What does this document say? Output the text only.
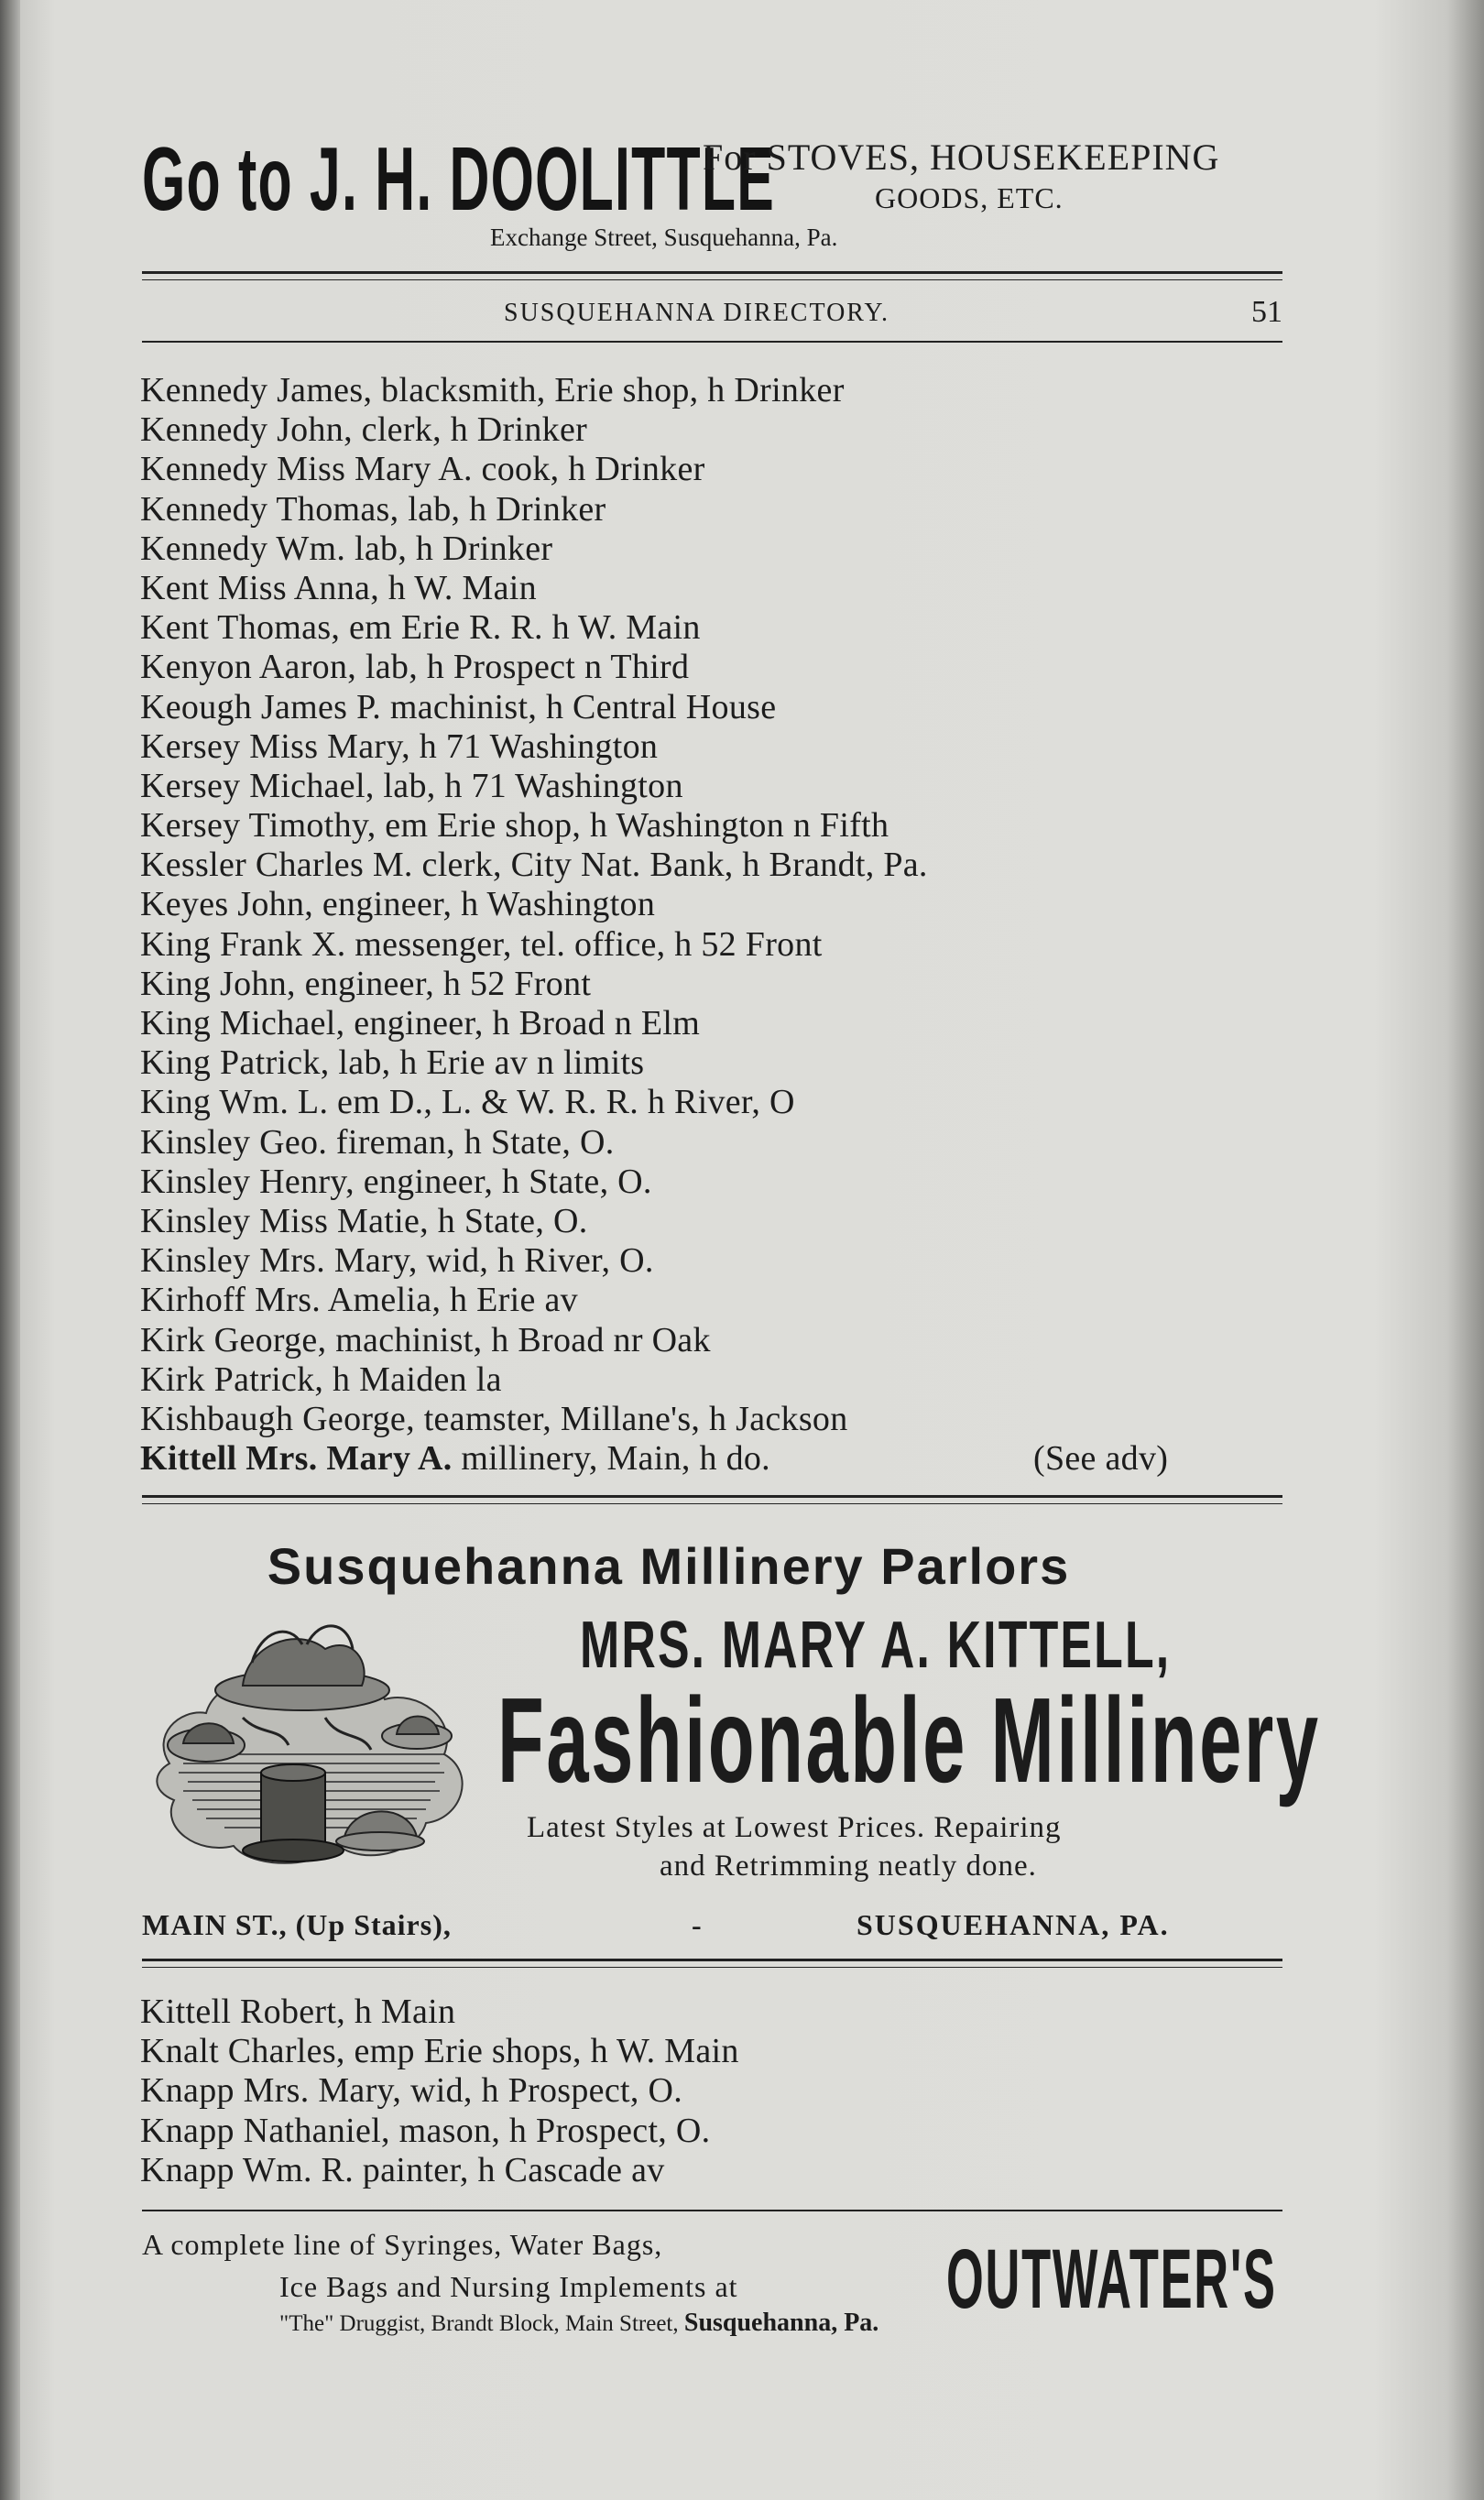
Go to J. H. DOOLITTLE
For STOVES, HOUSEKEEPING
GOODS, ETC.
Exchange Street, Susquehanna, Pa.
SUSQUEHANNA DIRECTORY.	51
Kennedy James, blacksmith, Erie shop, h Drinker
Kennedy John, clerk, h Drinker
Kennedy Miss Mary A. cook, h Drinker
Kennedy Thomas, lab, h Drinker
Kennedy Wm. lab, h Drinker
Kent Miss Anna, h W. Main
Kent Thomas, em Erie R. R. h W. Main
Kenyon Aaron, lab, h Prospect n Third
Keough James P. machinist, h Central House
Kersey Miss Mary, h 71 Washington
Kersey Michael, lab, h 71 Washington
Kersey Timothy, em Erie shop, h Washington n Fifth
Kessler Charles M. clerk, City Nat. Bank, h Brandt, Pa.
Keyes John, engineer, h Washington
King Frank X. messenger, tel. office, h 52 Front
King John, engineer, h 52 Front
King Michael, engineer, h Broad n Elm
King Patrick, lab, h Erie av n limits
King Wm. L. em D., L. & W. R. R. h River, O
Kinsley Geo. fireman, h State, O.
Kinsley Henry, engineer, h State, O.
Kinsley Miss Matie, h State, O.
Kinsley Mrs. Mary, wid, h River, O.
Kirhoff Mrs. Amelia, h Erie av
Kirk George, machinist, h Broad nr Oak
Kirk Patrick, h Maiden la
Kishbaugh George, teamster, Millane's, h Jackson
Kittell Mrs. Mary A. millinery, Main, h do.	(See adv)
Susquehanna Millinery Parlors
MRS. MARY A. KITTELL,
Fashionable Millinery
Latest Styles at Lowest Prices. Repairing
and Retrimming neatly done.
MAIN ST., (Up Stairs),	-	SUSQUEHANNA, PA.
Kittell Robert, h Main
Knalt Charles, emp Erie shops, h W. Main
Knapp Mrs. Mary, wid, h Prospect, O.
Knapp Nathaniel, mason, h Prospect, O.
Knapp Wm. R. painter, h Cascade av
A complete line of Syringes, Water Bags,
Ice Bags and Nursing Implements at
"The" Druggist, Brandt Block, Main Street, Susquehanna, Pa. OUTWATER'S
